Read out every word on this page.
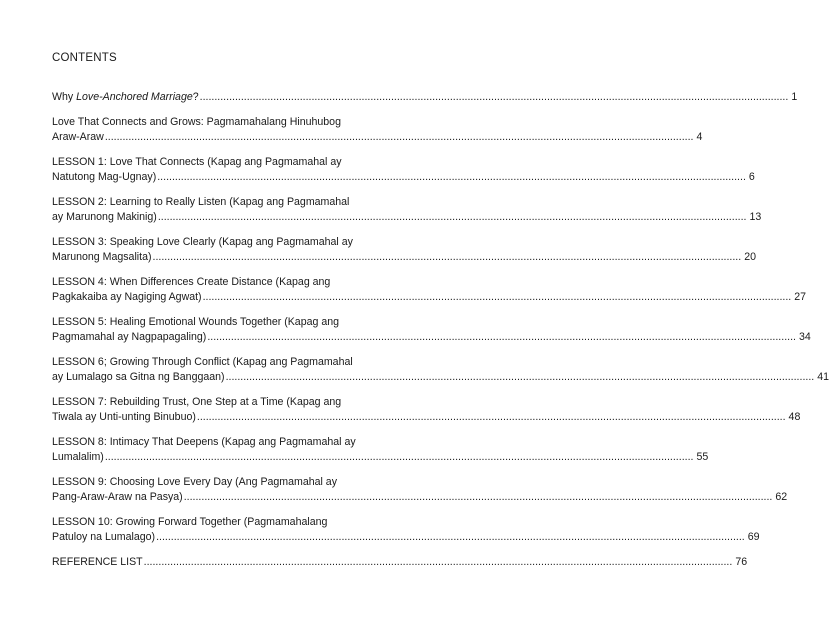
CONTENTS
Why Love-Anchored Marriage? ........................................................................................................................................................................................................ 1
Love That Connects and Grows: Pagmamahalang Hinuhubog
Araw-Araw ........................................................................................................................................................................................................ 4
LESSON 1: Love That Connects (Kapag ang Pagmamahal ay
Natutong Mag-Ugnay) ........................................................................................................................................................................................................ 6
LESSON 2: Learning to Really Listen (Kapag ang Pagmamahal
ay Marunong Makinig) ........................................................................................................................................................................................................ 13
LESSON 3: Speaking Love Clearly (Kapag ang Pagmamahal ay
Marunong Magsalita) ........................................................................................................................................................................................................ 20
LESSON 4: When Differences Create Distance (Kapag ang
Pagkakaiba ay Nagiging Agwat) ........................................................................................................................................................................................................ 27
LESSON 5: Healing Emotional Wounds Together (Kapag ang
Pagmamahal ay Nagpapagaling) ........................................................................................................................................................................................................ 34
LESSON 6; Growing Through Conflict (Kapag ang Pagmamahal
ay Lumalago sa Gitna ng Banggaan) ........................................................................................................................................................................................................ 41
LESSON 7: Rebuilding Trust, One Step at a Time (Kapag ang
Tiwala ay Unti-unting Binubuo) ........................................................................................................................................................................................................ 48
LESSON 8: Intimacy That Deepens (Kapag ang Pagmamahal ay
Lumalalim) ........................................................................................................................................................................................................ 55
LESSON 9: Choosing Love Every Day (Ang Pagmamahal ay
Pang-Araw-Araw na Pasya) ........................................................................................................................................................................................................ 62
LESSON 10: Growing Forward Together (Pagmamahalang
Patuloy na Lumalago) ........................................................................................................................................................................................................ 69
REFERENCE LIST ........................................................................................................................................................................................................ 76
